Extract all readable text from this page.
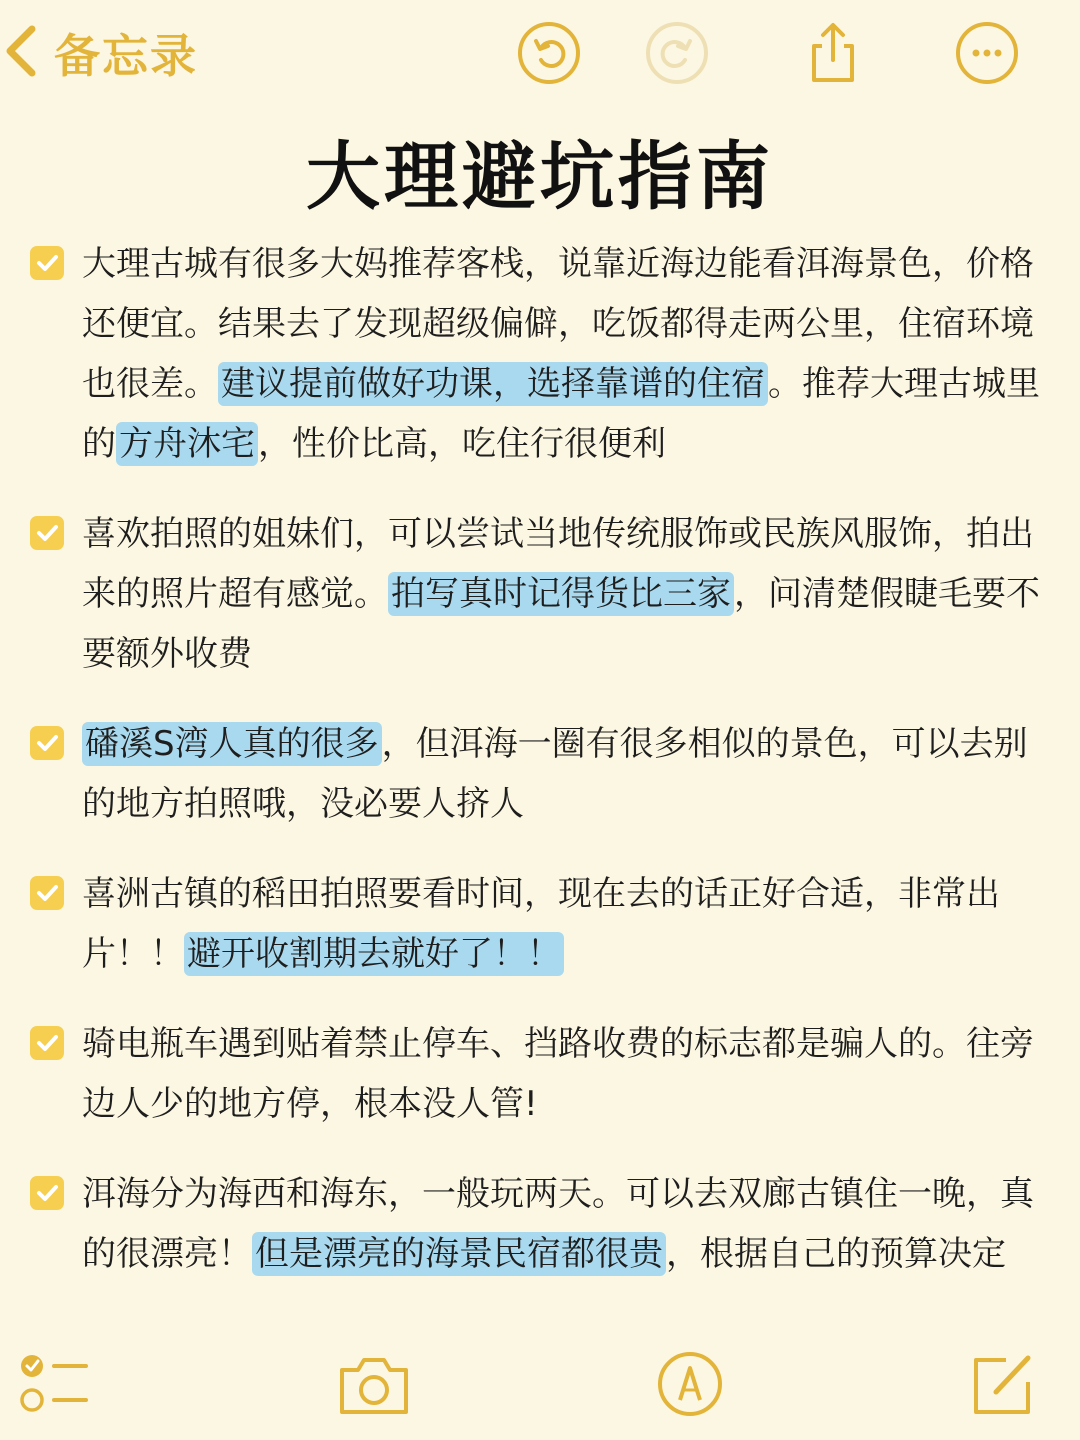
备忘录
大理避坑指南

大理古城有很多大妈推荐客栈，说靠近海边能看洱海景色，价格还便宜。结果去了发现超级偏僻，吃饭都得走两公里，住宿环境也很差。建议提前做好功课，选择靠谱的住宿。推荐大理古城里的方舟沐宅，性价比高，吃住行很便利

喜欢拍照的姐妹们，可以尝试当地传统服饰或民族风服饰，拍出来的照片超有感觉。拍写真时记得货比三家，问清楚假睫毛要不要额外收费

磻溪S湾人真的很多，但洱海一圈有很多相似的景色，可以去别的地方拍照哦，没必要人挤人

喜洲古镇的稻田拍照要看时间，现在去的话正好合适，非常出片！！避开收割期去就好了！！

骑电瓶车遇到贴着禁止停车、挡路收费的标志都是骗人的。往旁边人少的地方停，根本没人管!

洱海分为海西和海东，一般玩两天。可以去双廊古镇住一晚，真的很漂亮！但是漂亮的海景民宿都很贵，根据自己的预算决定
